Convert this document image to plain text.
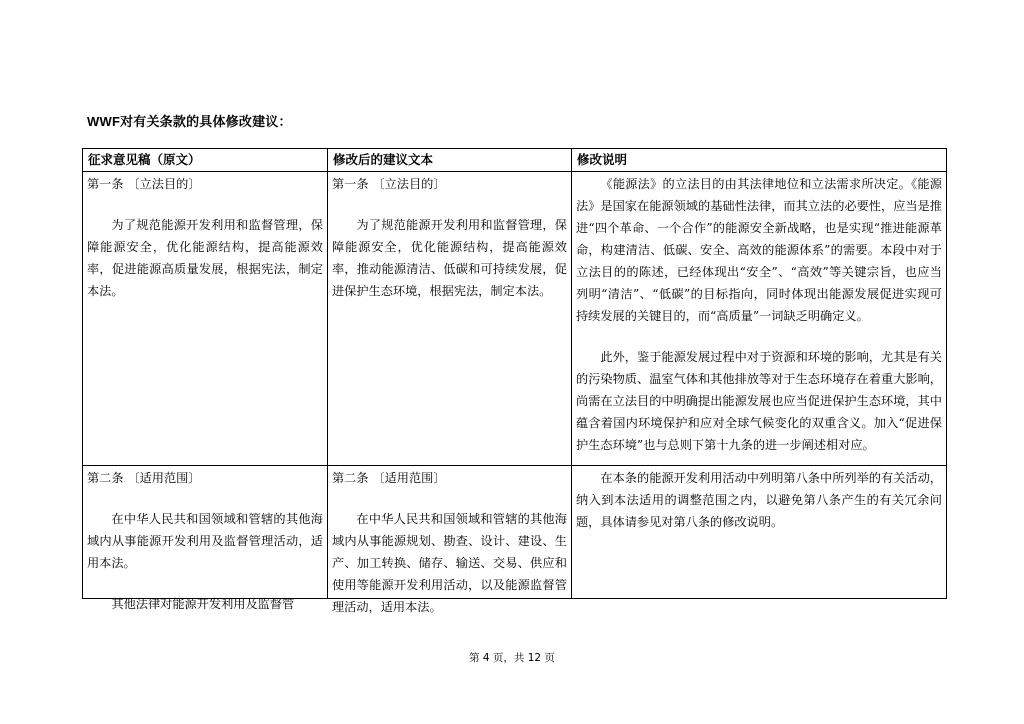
WWF对有关条款的具体修改建议：
征求意见稿（原文）	修改后的建议文本	修改说明

第一条 〔立法目的〕
为了规范能源开发利用和监督管理，保障能源安全，优化能源结构，提高能源效率，促进能源高质量发展，根据宪法，制定本法。	第一条 〔立法目的〕
为了规范能源开发利用和监督管理，保障能源安全，优化能源结构，提高能源效率，推动能源清洁、低碳和可持续发展，促进保护生态环境，根据宪法，制定本法。	《能源法》的立法目的由其法律地位和立法需求所决定。《能源法》是国家在能源领域的基础性法律，而其立法的必要性，应当是推进“四个革命、一个合作”的能源安全新战略，也是实现“推进能源革命，构建清洁、低碳、安全、高效的能源体系”的需要。本段中对于立法目的的陈述，已经体现出“安全”、“高效”等关键宗旨，也应当列明“清洁”、“低碳”的目标指向，同时体现出能源发展促进实现可持续发展的关键目的，而“高质量”一词缺乏明确定义。
此外，鉴于能源发展过程中对于资源和环境的影响，尤其是有关的污染物质、温室气体和其他排放等对于生态环境存在着重大影响，尚需在立法目的中明确提出能源发展也应当促进保护生态环境，其中蕴含着国内环境保护和应对全球气候变化的双重含义。加入“促进保护生态环境”也与总则下第十九条的进一步阐述相对应。

第二条 〔适用范围〕
在中华人民共和国领域和管辖的其他海域内从事能源开发利用及监督管理活动，适用本法。
其他法律对能源开发利用及监督管	第二条 〔适用范围〕
在中华人民共和国领域和管辖的其他海域内从事能源规划、勘查、设计、建设、生产、加工转换、储存、输送、交易、供应和使用等能源开发利用活动，以及能源监督管理活动，适用本法。	在本条的能源开发利用活动中列明第八条中所列举的有关活动，纳入到本法适用的调整范围之内，以避免第八条产生的有关冗余问题，具体请参见对第八条的修改说明。
第 4 页，共 12 页
